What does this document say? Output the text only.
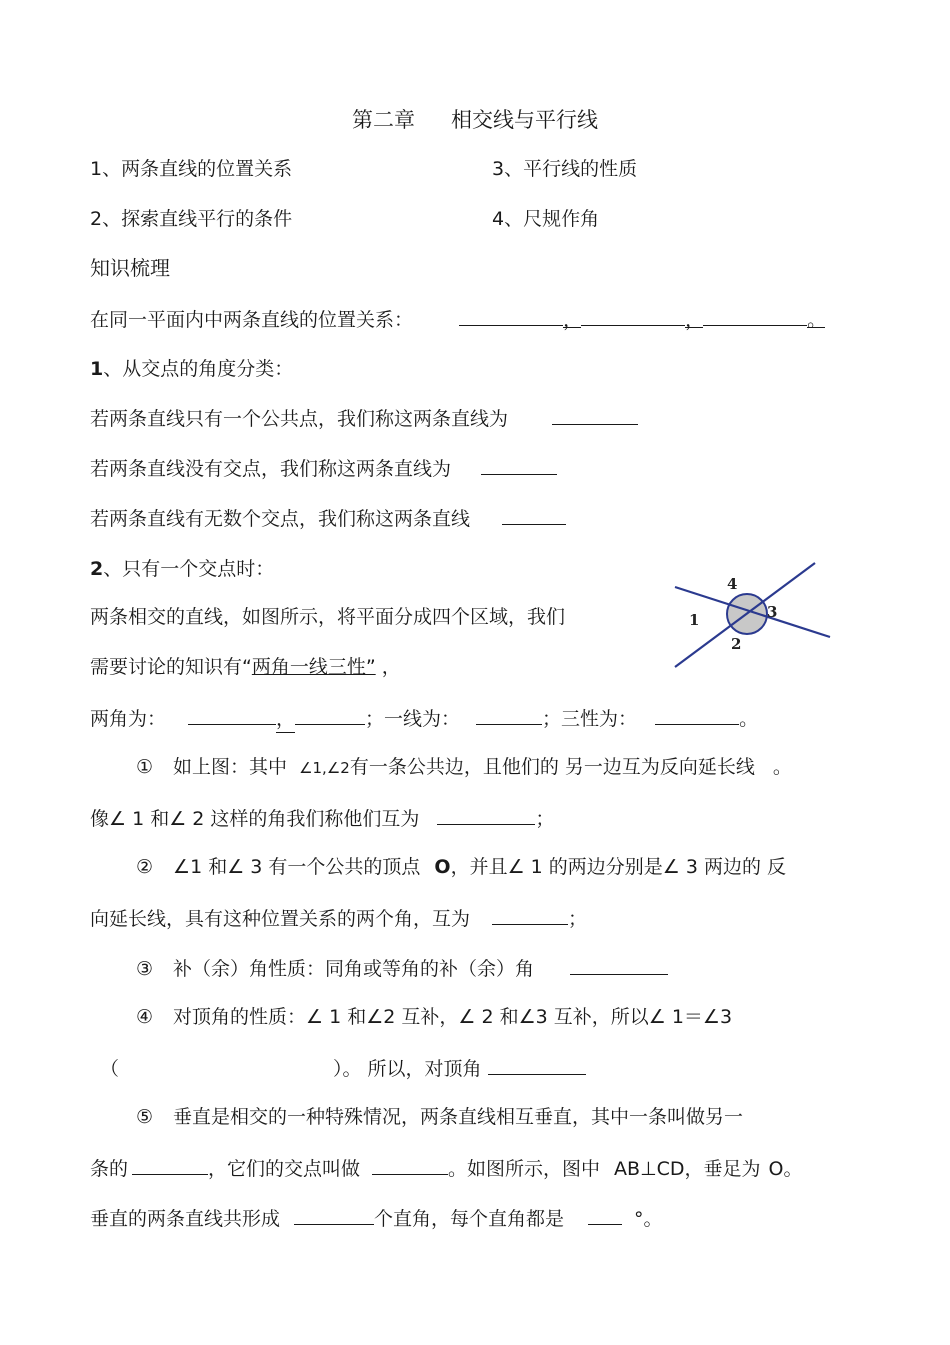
第二章 相交线与平行线
1、两条直线的位置关系	3、平行线的性质
2、探索直线平行的条件	4、尺规作角
知识梳理
在同一平面内中两条直线的位置关系：	，	，	。
1、从交点的角度分类：
若两条直线只有一个公共点，我们称这两条直线为
若两条直线没有交点，我们称这两条直线为
若两条直线有无数个交点，我们称这两条直线
2、只有一个交点时：
两条相交的直线，如图所示，将平面分成四个区域，我们
需要讨论的知识有“两角一线三性” ，
两角为：	，	；一线为：	；三性为：	。
4
1	3
2
① 如上图：其中 ∠1,∠2有一条公共边，且他们的 另一边互为反向延长线 。
像∠ 1 和∠ 2 这样的角我们称他们互为	；
② ∠1 和∠ 3 有一个公共的顶点 O，并且∠ 1 的两边分别是∠ 3 两边的 反
向延长线，具有这种位置关系的两个角，互为	；
③ 补（余）角性质：同角或等角的补（余）角
④ 对顶角的性质：∠ 1 和∠2 互补，∠ 2 和∠3 互补，所以∠ 1＝∠3
（	）。 所以，对顶角
⑤ 垂直是相交的一种特殊情况，两条直线相互垂直，其中一条叫做另一
条的	，它们的交点叫做	。如图所示，图中 AB⊥CD，垂足为 O。
垂直的两条直线共形成	个直角，每个直角都是	°。
